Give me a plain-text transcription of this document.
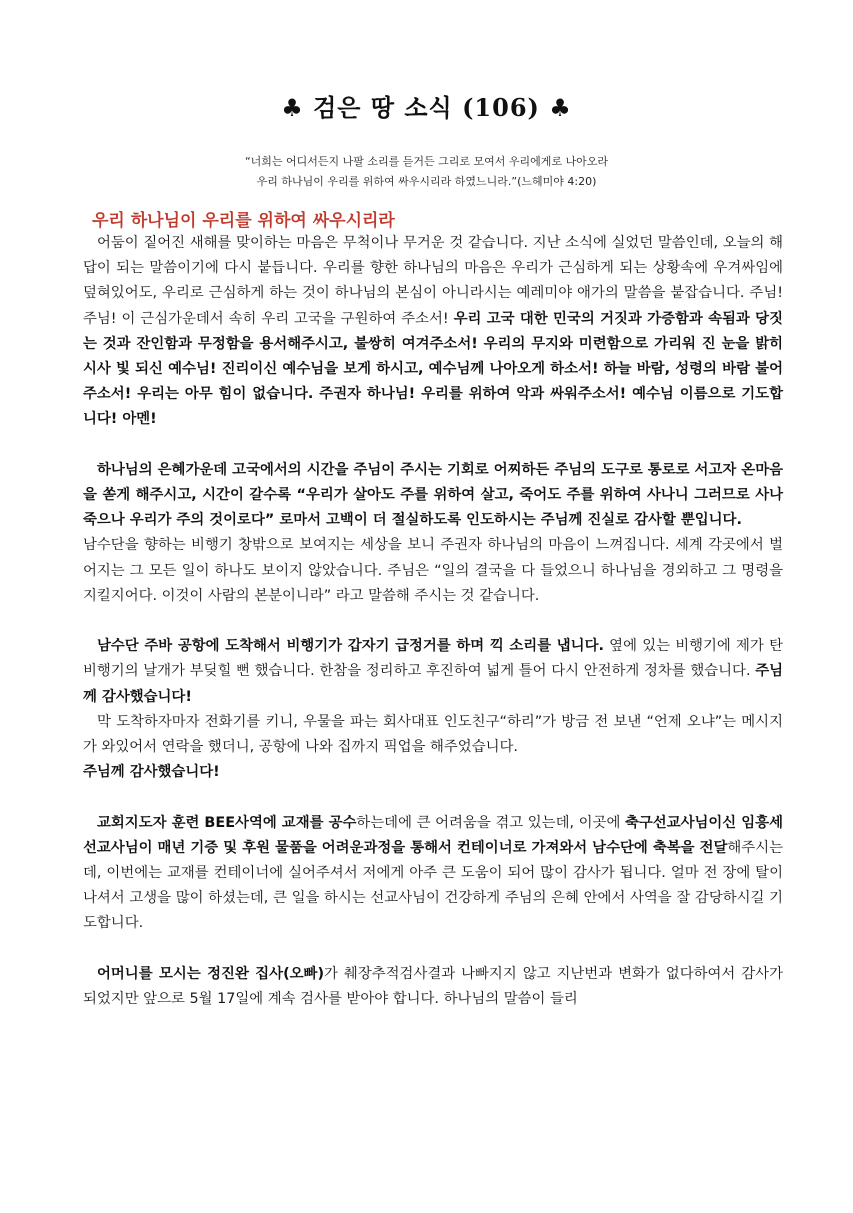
♣ 검은 땅 소식 (106) ♣
“너희는 어디서든지 나팔 소리를 듣거든 그리로 모여서 우리에게로 나아오라
우리 하나님이 우리를 위하여 싸우시리라 하였느니라.”(느헤미야 4:20)
우리 하나님이 우리를 위하여 싸우시리라

어둠이 짙어진 새해를 맞이하는 마음은 무척이나 무거운 것 같습니다. 지난 소식에 실었던 말씀인데, 오늘의 해답이 되는 말씀이기에 다시 붙듭니다. 우리를 향한 하나님의 마음은 우리가 근심하게 되는 상황속에 우겨싸임에 덮혀있어도, 우리로 근심하게 하는 것이 하나님의 본심이 아니라시는 예레미야 애가의 말씀을 붙잡습니다. 주님! 주님! 이 근심가운데서 속히 우리 고국을 구원하여 주소서! 우리 고국 대한 민국의 거짓과 가증함과 속됨과 당짓는 것과 잔인함과 무정함을 용서해주시고, 불쌍히 여겨주소서! 우리의 무지와 미련함으로 가리워 진 눈을 밝히시사 빛 되신 예수님! 진리이신 예수님을 보게 하시고, 예수님께 나아오게 하소서! 하늘 바람, 성령의 바람 불어주소서! 우리는 아무 힘이 없습니다. 주권자 하나님! 우리를 위하여 악과 싸워주소서! 예수님 이름으로 기도합니다! 아멘!

하나님의 은혜가운데 고국에서의 시간을 주님이 주시는 기회로 어찌하든 주님의 도구로 통로로 서고자 온마음을 쏟게 해주시고, 시간이 갈수록 “우리가 살아도 주를 위하여 살고, 죽어도 주를 위하여 사나니 그러므로 사나 죽으나 우리가 주의 것이로다” 로마서 고백이 더 절실하도록 인도하시는 주님께 진실로 감사할 뿐입니다.

남수단을 향하는 비행기 창밖으로 보여지는 세상을 보니 주권자 하나님의 마음이 느껴집니다. 세계 각곳에서 벌어지는 그 모든 일이 하나도 보이지 않았습니다. 주님은 “일의 결국을 다 들었으니 하나님을 경외하고 그 명령을 지킬지어다. 이것이 사람의 본분이니라” 라고 말씀해 주시는 것 같습니다.

남수단 주바 공항에 도착해서 비행기가 갑자기 급정거를 하며 끽 소리를 냅니다. 옆에 있는 비행기에 제가 탄 비행기의 날개가 부딪힐 뻔 했습니다. 한참을 정리하고 후진하여 넓게 틀어 다시 안전하게 정차를 했습니다. 주님께 감사했습니다!

막 도착하자마자 전화기를 키니, 우물을 파는 회사대표 인도친구“하리”가 방금 전 보낸 “언제 오냐”는 메시지가 와있어서 연락을 했더니, 공항에 나와 집까지 픽업을 해주었습니다.

주님께 감사했습니다!

교회지도자 훈련 BEE사역에 교재를 공수하는데에 큰 어려움을 겪고 있는데, 이곳에 축구선교사님이신 임흥세선교사님이 매년 기증 및 후원 물품을 어려운과정을 통해서 컨테이너로 가져와서 남수단에 축복을 전달해주시는데, 이번에는 교재를 컨테이너에 실어주셔서 저에게 아주 큰 도움이 되어 많이 감사가 됩니다. 얼마 전 장에 탈이 나셔서 고생을 많이 하셨는데, 큰 일을 하시는 선교사님이 건강하게 주님의 은혜 안에서 사역을 잘 감당하시길 기도합니다.

어머니를 모시는 정진완 집사(오빠)가 췌장추적검사결과 나빠지지 않고 지난번과 변화가 없다하여서 감사가 되었지만 앞으로 5월 17일에 계속 검사를 받아야 합니다. 하나님의 말씀이 들리
